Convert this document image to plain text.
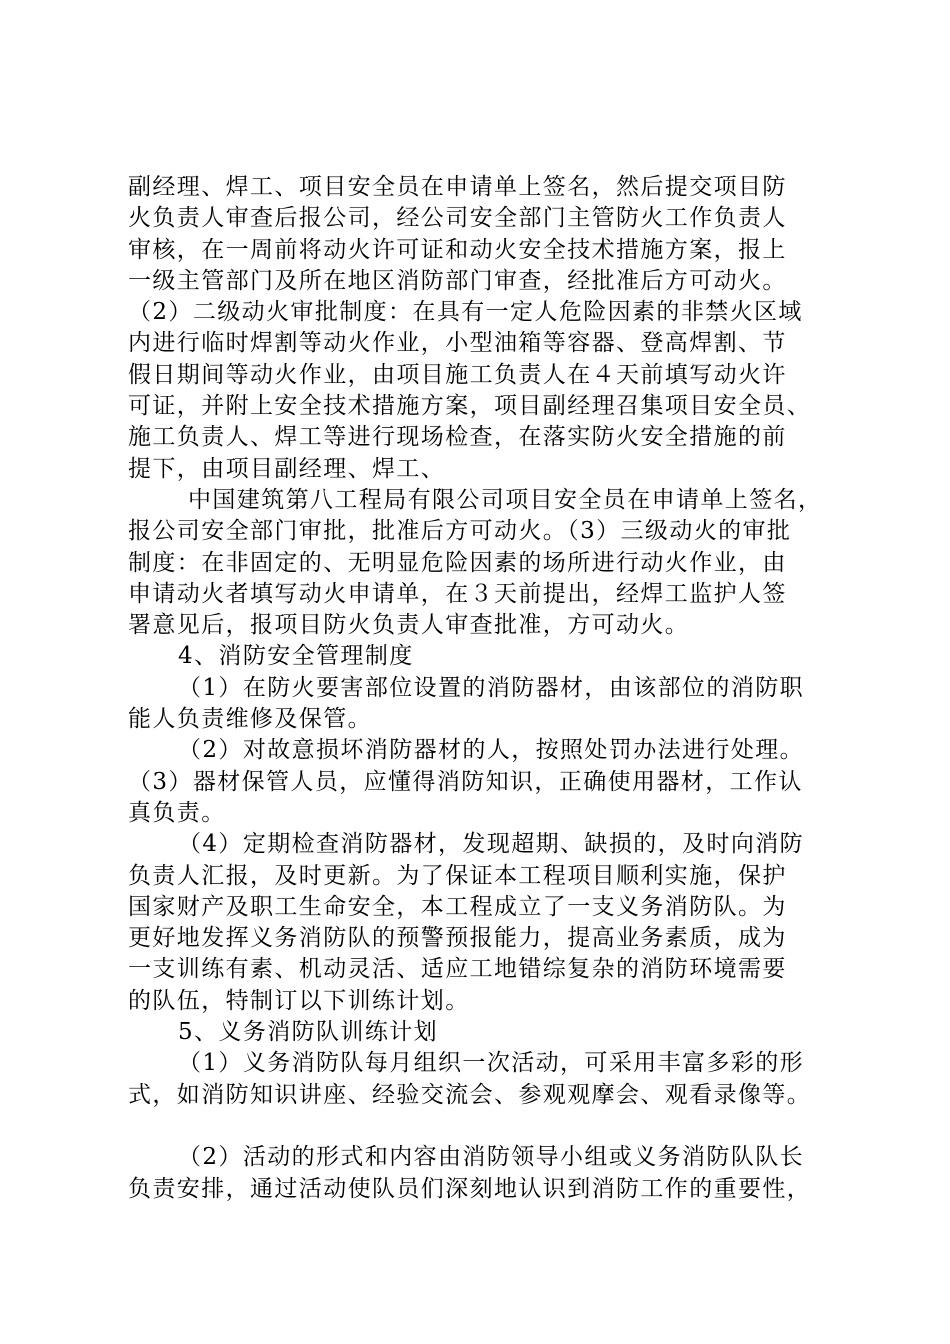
副经理、焊工、项目安全员在申请单上签名，然后提交项目防
火负责人审查后报公司，经公司安全部门主管防火工作负责人
审核，在一周前将动火许可证和动火安全技术措施方案，报上
一级主管部门及所在地区消防部门审查，经批准后方可动火。
（2）二级动火审批制度：在具有一定人危险因素的非禁火区域
内进行临时焊割等动火作业，小型油箱等容器、登高焊割、节
假日期间等动火作业，由项目施工负责人在４天前填写动火许
可证，并附上安全技术措施方案，项目副经理召集项目安全员、
施工负责人、焊工等进行现场检查，在落实防火安全措施的前
提下，由项目副经理、焊工、
中国建筑第八工程局有限公司项目安全员在申请单上签名，
报公司安全部门审批，批准后方可动火。（3）三级动火的审批
制度：在非固定的、无明显危险因素的场所进行动火作业，由
申请动火者填写动火申请单，在３天前提出，经焊工监护人签
署意见后，报项目防火负责人审查批准，方可动火。
4、消防安全管理制度
（1）在防火要害部位设置的消防器材，由该部位的消防职
能人负责维修及保管。
（2）对故意损坏消防器材的人，按照处罚办法进行处理。
（3）器材保管人员，应懂得消防知识，正确使用器材，工作认
真负责。
（4）定期检查消防器材，发现超期、缺损的，及时向消防
负责人汇报，及时更新。为了保证本工程项目顺利实施，保护
国家财产及职工生命安全，本工程成立了一支义务消防队。为
更好地发挥义务消防队的预警预报能力，提高业务素质，成为
一支训练有素、机动灵活、适应工地错综复杂的消防环境需要
的队伍，特制订以下训练计划。
5、义务消防队训练计划
（1）义务消防队每月组织一次活动，可采用丰富多彩的形
式，如消防知识讲座、经验交流会、参观观摩会、观看录像等。
（2）活动的形式和内容由消防领导小组或义务消防队队长
负责安排，通过活动使队员们深刻地认识到消防工作的重要性，
